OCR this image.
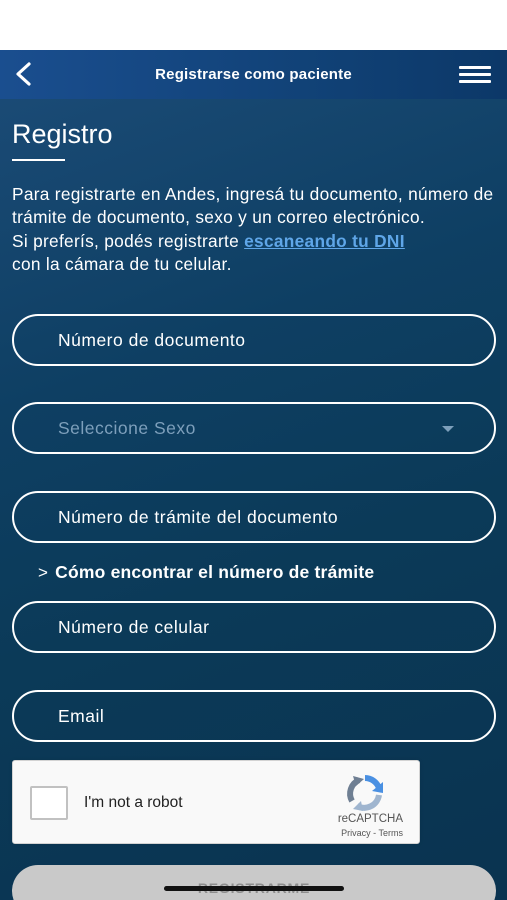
Registrarse como paciente
Registro
Para registrarte en Andes, ingresá tu documento, número de trámite de documento, sexo y un correo electrónico.
Si preferís, podés registrarte escaneando tu DNI
con la cámara de tu celular.
Número de documento
Seleccione Sexo
Número de trámite del documento
> Cómo encontrar el número de trámite
Número de celular
Email
I'm not a robot
reCAPTCHA
Privacy - Terms
